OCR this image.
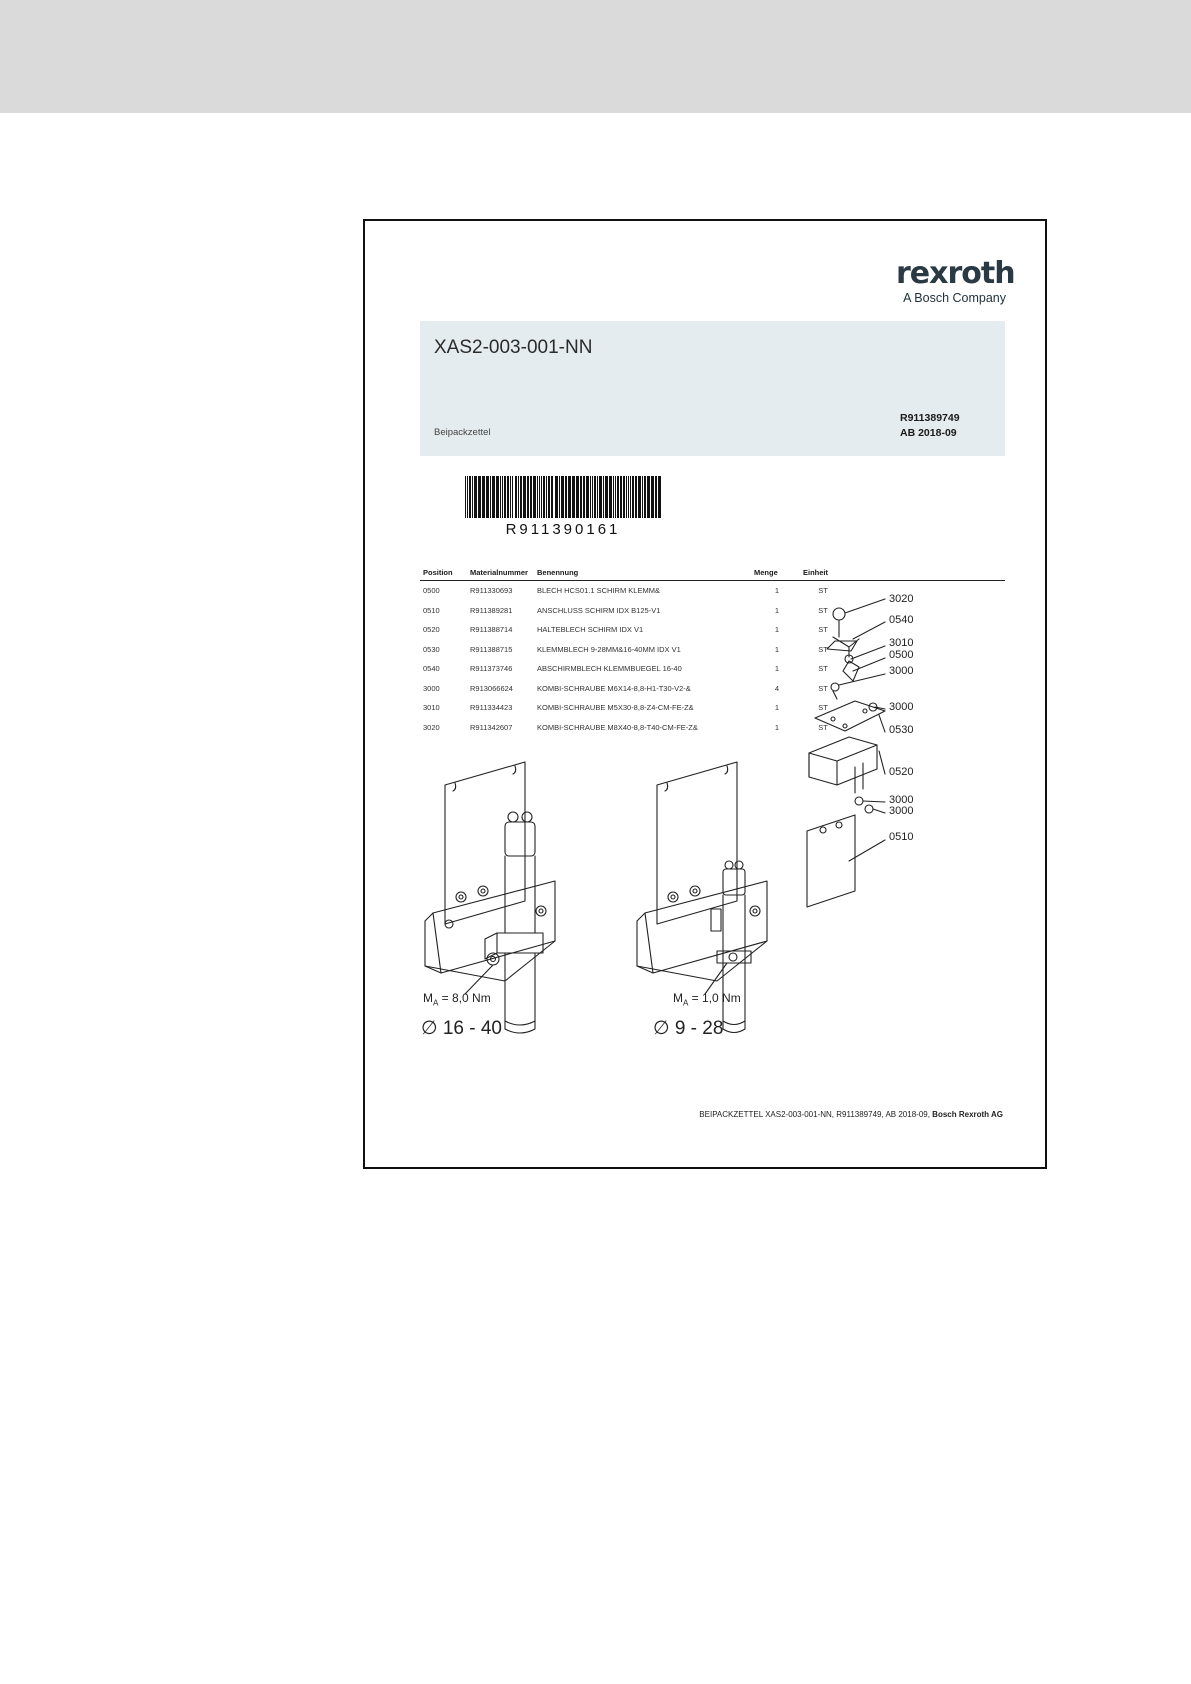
rexroth
A Bosch Company
XAS2-003-001-NN
Beipackzettel
R911389749
AB 2018-09
R911390161
Position	Materialnummer	Benennung	Menge	Einheit	
0500	R911330693	BLECH HCS01.1 SCHIRM KLEMM&	1	ST	
0510	R911389281	ANSCHLUSS SCHIRM IDX B125-V1	1	ST	
0520	R911388714	HALTEBLECH SCHIRM IDX V1	1	ST	
0530	R911388715	KLEMMBLECH 9-28MM&16-40MM IDX V1	1	ST	
0540	R911373746	ABSCHIRMBLECH KLEMMBUEGEL 16-40	1	ST	
3000	R913066624	KOMBI-SCHRAUBE M6X14-8,8-H1-T30-V2-&	4	ST	
3010	R911334423	KOMBI-SCHRAUBE M5X30-8,8-Z4-CM-FE-Z&	1	ST	
3020	R911342607	KOMBI-SCHRAUBE M8X40-8,8-T40-CM-FE-Z&	1	ST	
3020
0540
3010
0500
3000
3000
0530
0520
3000
3000
0510
$M_A = 8,0$ Nm
∅ 16 - 40
$M_A = 1,0$ Nm
∅ 9 - 28
BEIPACKZETTEL XAS2-003-001-NN, R911389749, AB 2018-09, Bosch Rexroth AG
